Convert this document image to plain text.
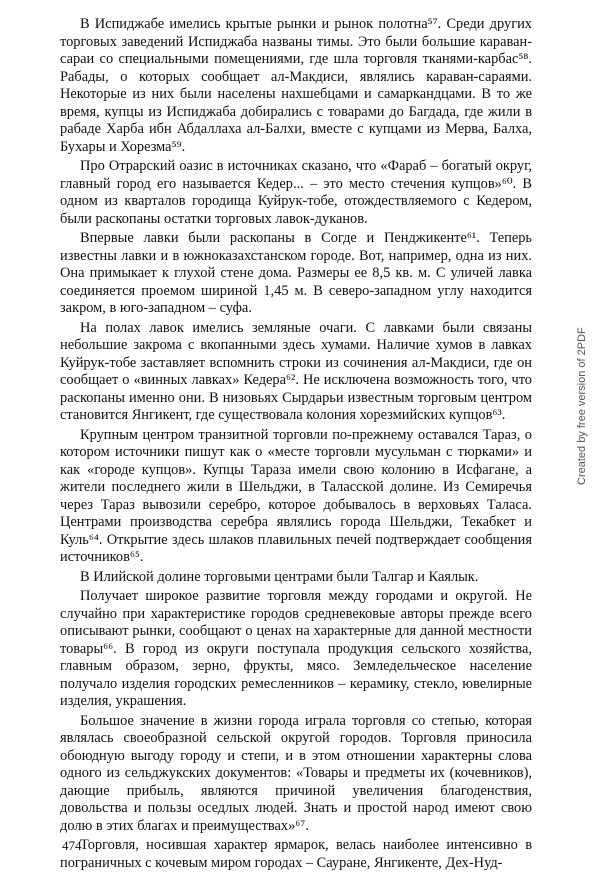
В Испиджабе имелись крытые рынки и рынок полотна⁵⁷. Среди других торговых заведений Испиджаба названы тимы. Это были большие караван-сараи со специальными помещениями, где шла торговля тканями-карбас⁵⁸. Рабады, о которых сообщает ал-Макдиси, являлись караван-сараями. Некоторые из них были населены нахшебцами и самаркандцами. В то же время, купцы из Испиджаба добирались с товарами до Багдада, где жили в рабаде Харба ибн Абдаллаха ал-Балхи, вместе с купцами из Мерва, Балха, Бухары и Хорезма⁵⁹.

Про Отрарский оазис в источниках сказано, что «Фараб – богатый округ, главный город его называется Кедер... – это место стечения купцов»⁶⁰. В одном из кварталов городища Куйрук-тобе, отождествляемого с Кедером, были раскопаны остатки торговых лавок-дуканов.

Впервые лавки были раскопаны в Согде и Пенджикенте⁶¹. Теперь известны лавки и в южноказахстанском городе. Вот, например, одна из них. Она примыкает к глухой стене дома. Размеры ее 8,5 кв. м. С уличей лавка соединяется проемом шириной 1,45 м. В северо-западном углу находится закром, в юго-западном – суфа.

На полах лавок имелись земляные очаги. С лавками были связаны небольшие закрома с вкопанными здесь хумами. Наличие хумов в лавках Куйрук-тобе заставляет вспомнить строки из сочинения ал-Макдиси, где он сообщает о «винных лавках» Кедера⁶². Не исключена возможность того, что раскопаны именно они. В низовьях Сырдарьи известным торговым центром становится Янгикент, где существовала колония хорезмийских купцов⁶³.

Крупным центром транзитной торговли по-прежнему оставался Тараз, о котором источники пишут как о «месте торговли мусульман с тюрками» и как «городе купцов». Купцы Тараза имели свою колонию в Исфагане, а жители последнего жили в Шельджи, в Таласской долине. Из Семиречья через Тараз вывозили серебро, которое добывалось в верховьях Таласа. Центрами производства серебра являлись города Шельджи, Текабкет и Куль⁶⁴. Открытие здесь шлаков плавильных печей подтверждает сообщения источников⁶⁵.

В Илийской долине торговыми центрами были Талгар и Каялык.

Получает широкое развитие торговля между городами и округой. Не случайно при характеристике городов средневековые авторы прежде всего описывают рынки, сообщают о ценах на характерные для данной местности товары⁶⁶. В город из округи поступала продукция сельского хозяйства, главным образом, зерно, фрукты, мясо. Земледельческое население получало изделия городских ремесленников – керамику, стекло, ювелирные изделия, украшения.

Большое значение в жизни города играла торговля со степью, которая являлась своеобразной сельской округой городов. Торговля приносила обоюдную выгоду городу и степи, и в этом отношении характерны слова одного из сельджукских документов: «Товары и предметы их (кочевников), дающие прибыль, являются причиной увеличения благоденствия, довольства и пользы оседлых людей. Знать и простой народ имеют свою долю в этих благах и преимуществах»⁶⁷.

Торговля, носившая характер ярмарок, велась наиболее интенсивно в пограничных с кочевым миром городах – Сауране, Янгикенте, Дех-Нуд-

Created by free version of 2PDF
474
